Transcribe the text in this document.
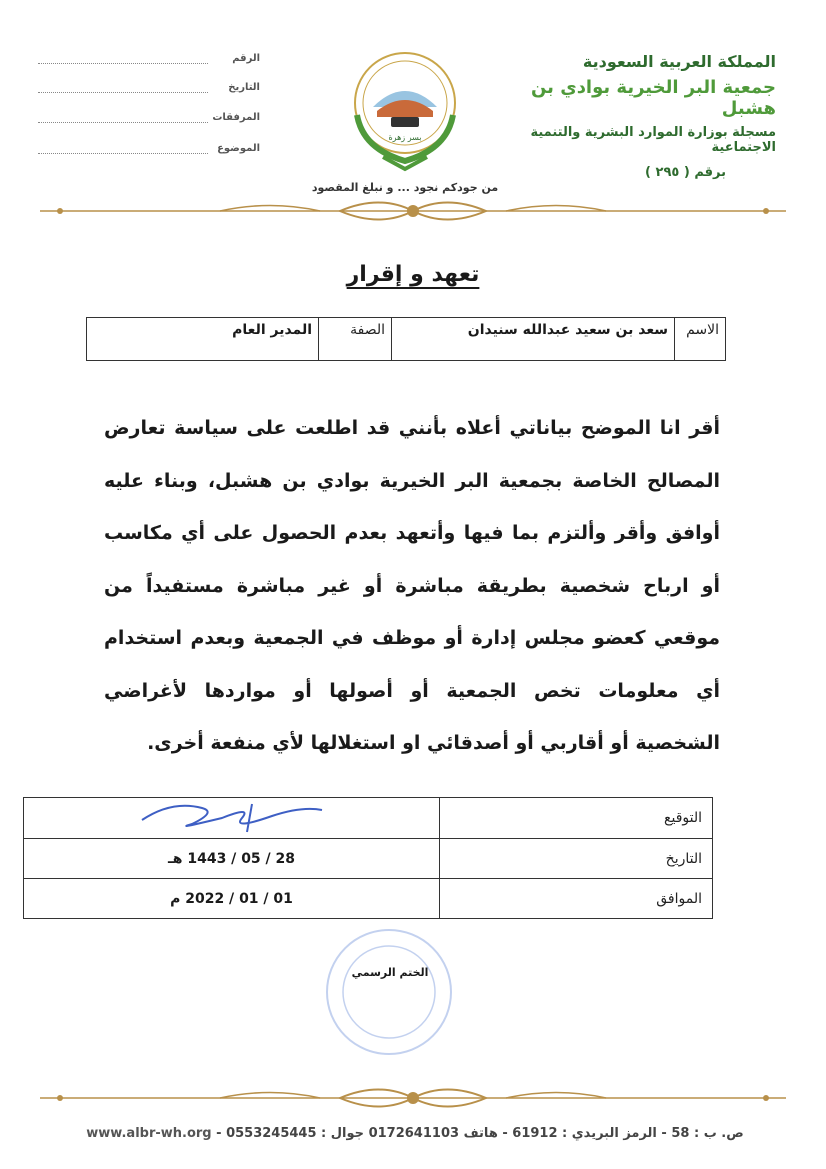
المملكة العربية السعودية
جمعية البر الخيرية بوادي بن هشبل
مسجلة بوزارة الموارد البشرية والتنمية الاجتماعية
برقم ( ٢٩٥ )
الرقم
التاريخ
المرفقات
الموضوع
بسر زهرة
من جودكم نجود ... و نبلغ المقصود
تعهد و إقرار
الاسم	سعد بن سعيد عبدالله سنيدان	الصفة	المدير العام
أقر انا الموضح بياناتي أعلاه بأنني قد اطلعت على سياسة تعارض المصالح الخاصة بجمعية البر الخيرية بوادي بن هشبل، وبناء عليه أوافق وأقر وألتزم بما فيها وأتعهد بعدم الحصول على أي مكاسب أو ارباح شخصية بطريقة مباشرة أو غير مباشرة مستفيداً من موقعي كعضو مجلس إدارة أو موظف في الجمعية وبعدم استخدام أي معلومات تخص الجمعية أو أصولها أو مواردها لأغراضي الشخصية أو أقاربي أو أصدقائي او استغلالها لأي منفعة أخرى.
التوقيع	
التاريخ	28 / 05 / 1443 هـ
الموافق	01 / 01 / 2022 م
الختم الرسمي
www.albr-wh.org ص. ب : 58 - الرمز البريدي : 61912 - هاتف 0172641103 جوال : 0553245445 -
